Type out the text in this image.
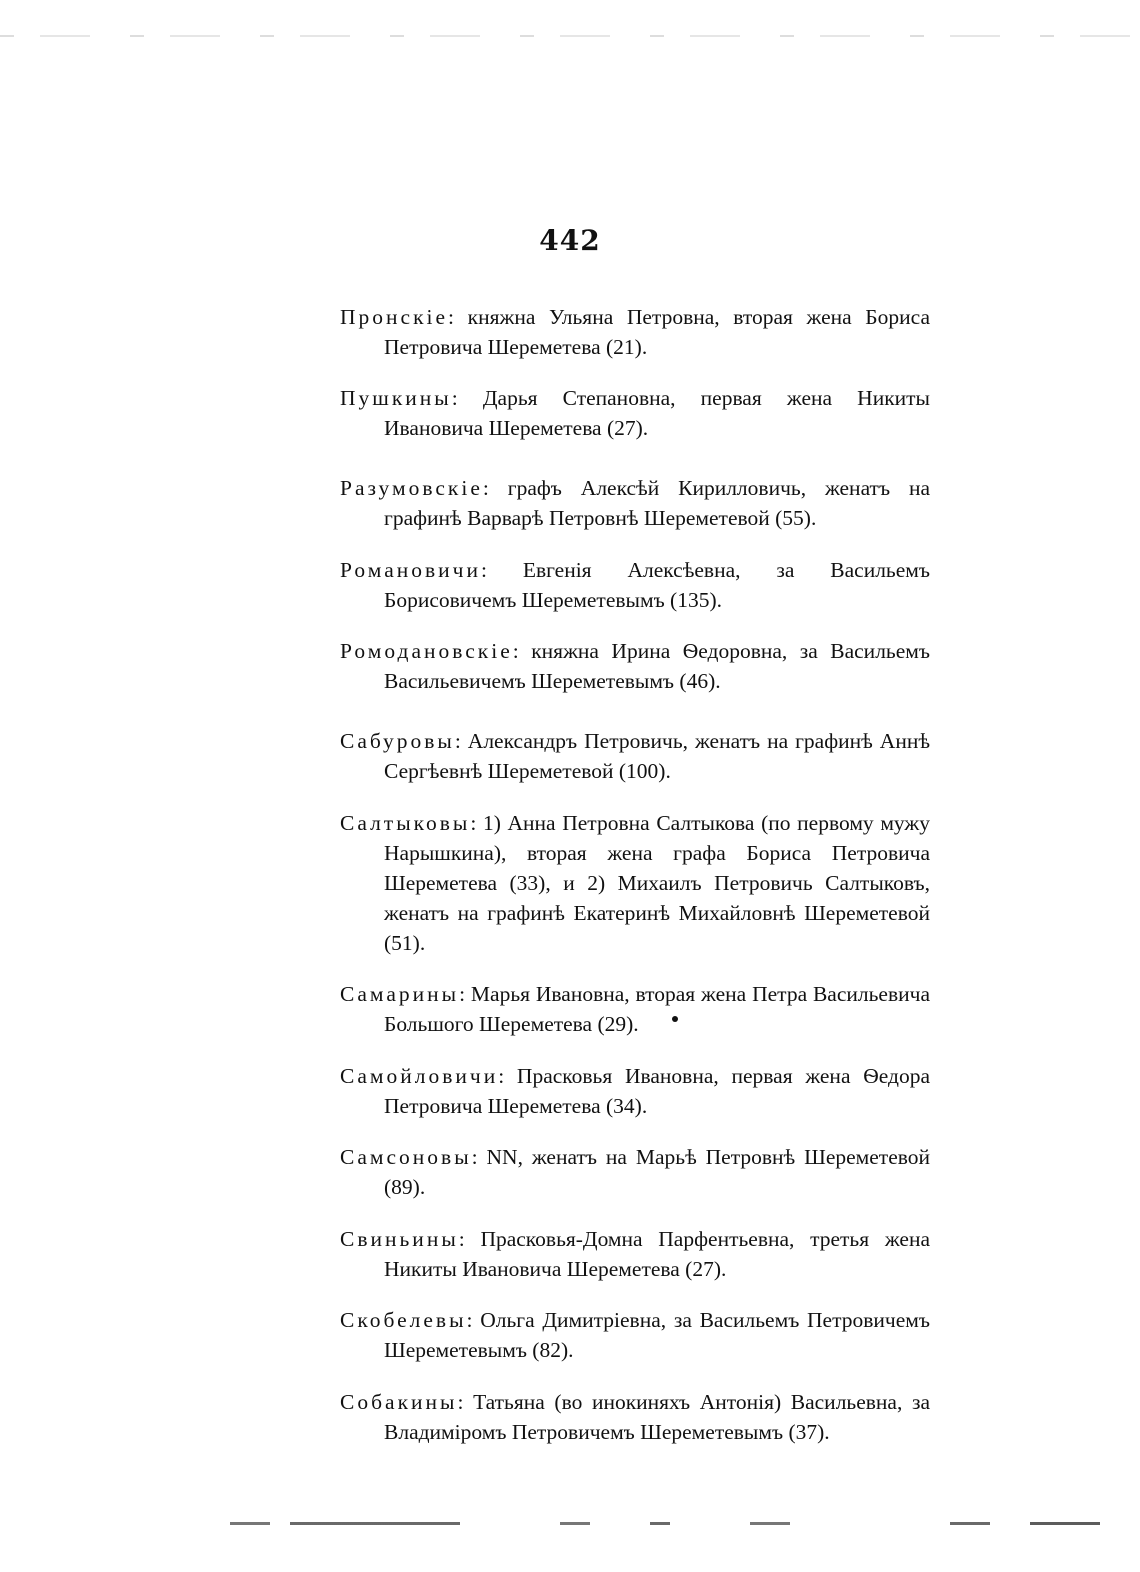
442

Пронскіе: княжна Ульяна Петровна, вторая жена Бориса Петровича Шереметева (21).

Пушкины: Дарья Степановна, первая жена Никиты Ивановича Шереметева (27).

Разумовскіе: графъ Алексѣй Кирилловичь, женатъ на графинѣ Варварѣ Петровнѣ Шереметевой (55).

Романовичи: Евгенія Алексѣевна, за Васильемъ Борисовичемъ Шереметевымъ (135).

Ромодановскіе: княжна Ирина Ѳедоровна, за Васильемъ Васильевичемъ Шереметевымъ (46).

Сабуровы: Александръ Петровичь, женатъ на графинѣ Аннѣ Сергѣевнѣ Шереметевой (100).

Салтыковы: 1) Анна Петровна Салтыкова (по первому мужу Нарышкина), вторая жена графа Бориса Петровича Шереметева (33), и 2) Михаилъ Петровичь Салтыковъ, женатъ на графинѣ Екатеринѣ Михайловнѣ Шереметевой (51).

Самарины: Марья Ивановна, вторая жена Петра Васильевича Большого Шереметева (29).

Самойловичи: Прасковья Ивановна, первая жена Ѳедора Петровича Шереметева (34).

Самсоновы: NN, женатъ на Марьѣ Петровнѣ Шереметевой (89).

Свиньины: Прасковья-Домна Парфентьевна, третья жена Никиты Ивановича Шереметева (27).

Скобелевы: Ольга Димитріевна, за Васильемъ Петровичемъ Шереметевымъ (82).

Собакины: Татьяна (во инокиняхъ Антонія) Васильевна, за Владиміромъ Петровичемъ Шереметевымъ (37).
